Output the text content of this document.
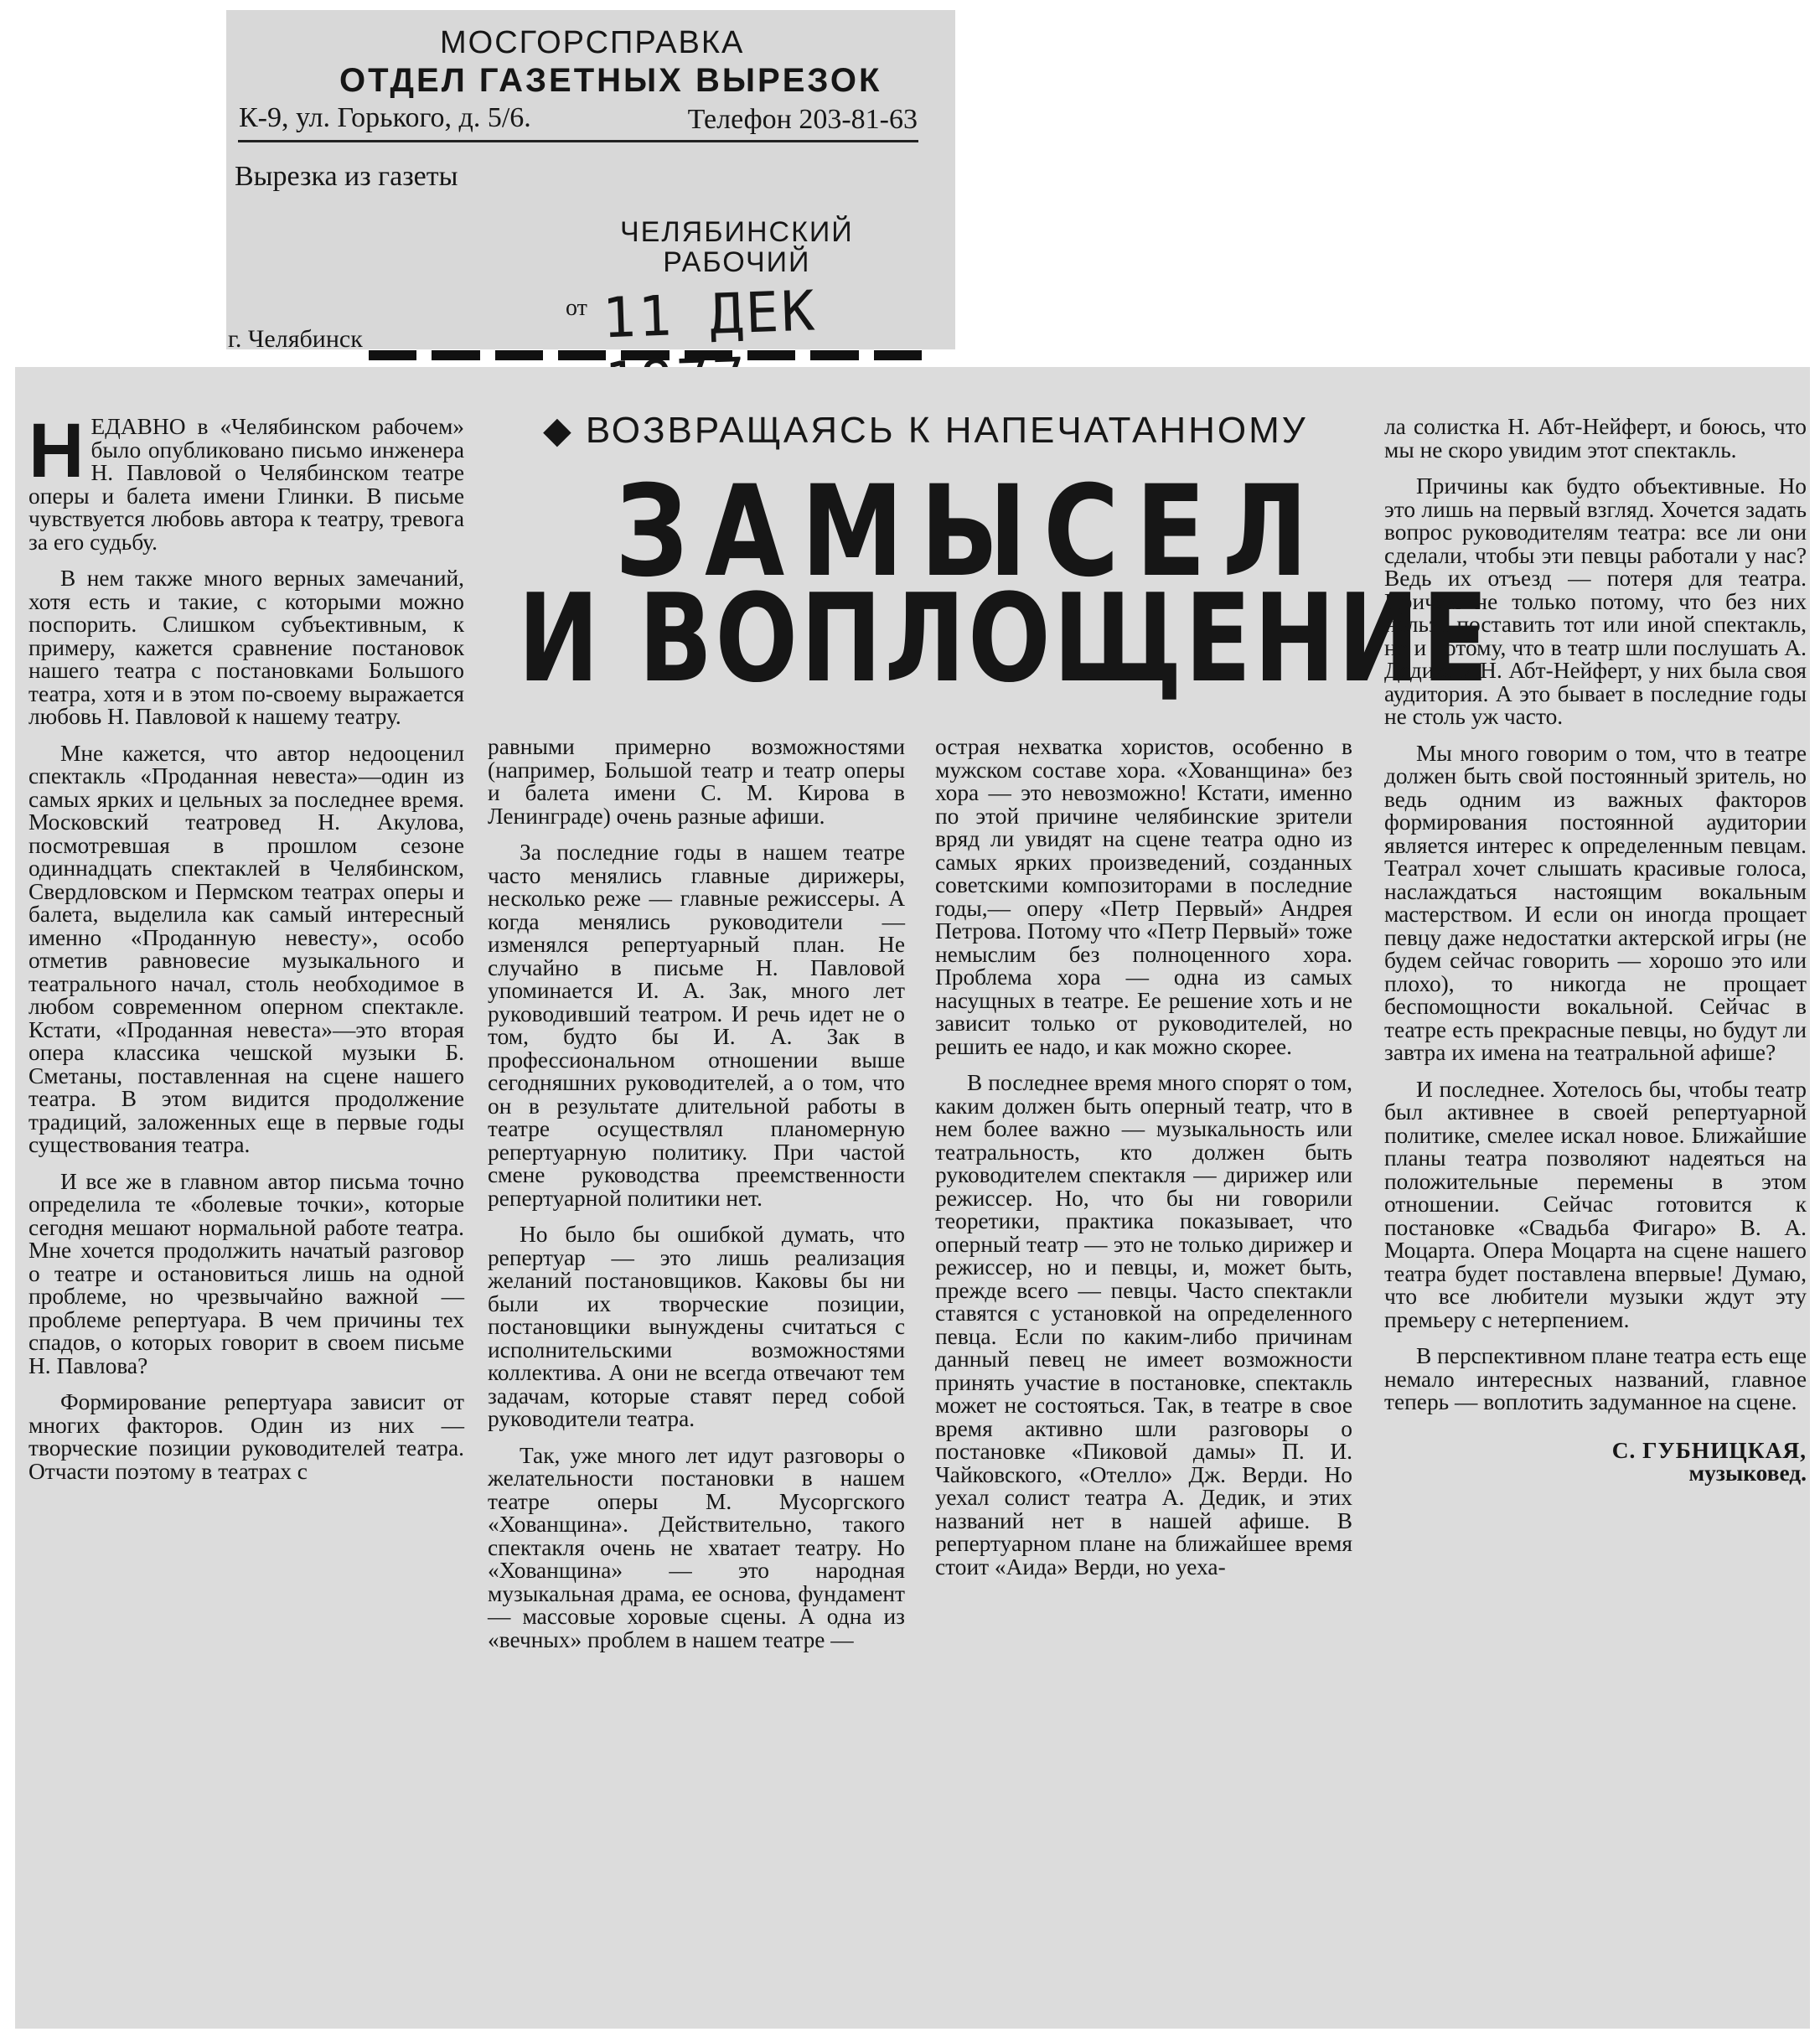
МОСГОРСПРАВКА
ОТДЕЛ ГАЗЕТНЫХ ВЫРЕЗОК
К-9, ул. Горького, д. 5/6.	Телефон 203-81-63
Вырезка из газеты
ЧЕЛЯБИНСКИЙ
РАБОЧИЙ
от 11 ДЕК
г. Челябинск
◆ ВОЗВРАЩАЯСЬ К НАПЕЧАТАННОМУ
ЗАМЫСЕЛ
И ВОПЛОЩЕНИЕ

НЕДАВНО в «Челябинском рабочем» было опубликовано письмо инженера Н. Павловой о Челябинском театре оперы и балета имени Глинки. В письме чувствуется любовь автора к театру, тревога за его судьбу.

В нем также много верных замечаний, хотя есть и такие, с которыми можно поспорить. Слишком субъективным, к примеру, кажется сравнение постановок нашего театра с постановками Большого театра, хотя и в этом по-своему выражается любовь Н. Павловой к нашему театру.

Мне кажется, что автор недооценил спектакль «Проданная невеста»—один из самых ярких и цельных за последнее время. Московский театровед Н. Акулова, посмотревшая в прошлом сезоне одиннадцать спектаклей в Челябинском, Свердловском и Пермском театрах оперы и балета, выделила как самый интересный именно «Проданную невесту», особо отметив равновесие музыкального и театрального начал, столь необходимое в любом современном оперном спектакле. Кстати, «Проданная невеста»—это вторая опера классика чешской музыки Б. Сметаны, поставленная на сцене нашего театра. В этом видится продолжение традиций, заложенных еще в первые годы существования театра.

И все же в главном автор письма точно определила те «болевые точки», которые сегодня мешают нормальной работе театра. Мне хочется продолжить начатый разговор о театре и остановиться лишь на одной проблеме, но чрезвычайно важной — проблеме репертуара. В чем причины тех спадов, о которых говорит в своем письме Н. Павлова?

Формирование репертуара зависит от многих факторов. Один из них — творческие позиции руководителей театра. Отчасти поэтому в театрах с

равными примерно возможностями (например, Большой театр и театр оперы и балета имени С. М. Кирова в Ленинграде) очень разные афиши.

За последние годы в нашем театре часто менялись главные дирижеры, несколько реже — главные режиссеры. А когда менялись руководители — изменялся репертуарный план. Не случайно в письме Н. Павловой упоминается И. А. Зак, много лет руководивший театром. И речь идет не о том, будто бы И. А. Зак в профессиональном отношении выше сегодняшних руководителей, а о том, что он в результате длительной работы в театре осуществлял планомерную репертуарную политику. При частой смене руководства преемственности репертуарной политики нет.

Но было бы ошибкой думать, что репертуар — это лишь реализация желаний постановщиков. Каковы бы ни были их творческие позиции, постановщики вынуждены считаться с исполнительскими возможностями коллектива. А они не всегда отвечают тем задачам, которые ставят перед собой руководители театра.

Так, уже много лет идут разговоры о желательности постановки в нашем театре оперы М. Мусоргского «Хованщина». Действительно, такого спектакля очень не хватает театру. Но «Хованщина» — это народная музыкальная драма, ее основа, фундамент — массовые хоровые сцены. А одна из «вечных» проблем в нашем театре —

острая нехватка хористов, особенно в мужском составе хора. «Хованщина» без хора — это невозможно! Кстати, именно по этой причине челябинские зрители вряд ли увидят на сцене театра одно из самых ярких произведений, созданных советскими композиторами в последние годы,— оперу «Петр Первый» Андрея Петрова. Потому что «Петр Первый» тоже немыслим без полноценного хора. Проблема хора — одна из самых насущных в театре. Ее решение хоть и не зависит только от руководителей, но решить ее надо, и как можно скорее.

В последнее время много спорят о том, каким должен быть оперный театр, что в нем более важно — музыкальность или театральность, кто должен быть руководителем спектакля — дирижер или режиссер. Но, что бы ни говорили теоретики, практика показывает, что оперный театр — это не только дирижер и режиссер, но и певцы, и, может быть, прежде всего — певцы. Часто спектакли ставятся с установкой на определенного певца. Если по каким-либо причинам данный певец не имеет возможности принять участие в постановке, спектакль может не состояться. Так, в театре в свое время активно шли разговоры о постановке «Пиковой дамы» П. И. Чайковского, «Отелло» Дж. Верди. Но уехал солист театра А. Дедик, и этих названий нет в нашей афише. В репертуарном плане на ближайшее время стоит «Аида» Верди, но уеха-

ла солистка Н. Абт-Нейферт, и боюсь, что мы не скоро увидим этот спектакль.

Причины как будто объективные. Но это лишь на первый взгляд. Хочется задать вопрос руководителям театра: все ли они сделали, чтобы эти певцы работали у нас? Ведь их отъезд — потеря для театра. Причем не только потому, что без них нельзя поставить тот или иной спектакль, но и потому, что в театр шли послушать А. Дедика и Н. Абт-Нейферт, у них была своя аудитория. А это бывает в последние годы не столь уж часто.

Мы много говорим о том, что в театре должен быть свой постоянный зритель, но ведь одним из важных факторов формирования постоянной аудитории является интерес к определенным певцам. Театрал хочет слышать красивые голоса, наслаждаться настоящим вокальным мастерством. И если он иногда прощает певцу даже недостатки актерской игры (не будем сейчас говорить — хорошо это или плохо), то никогда не прощает беспомощности вокальной. Сейчас в театре есть прекрасные певцы, но будут ли завтра их имена на театральной афише?

И последнее. Хотелось бы, чтобы театр был активнее в своей репертуарной политике, смелее искал новое. Ближайшие планы театра позволяют надеяться на положительные перемены в этом отношении. Сейчас готовится к постановке «Свадьба Фигаро» В. А. Моцарта. Опера Моцарта на сцене нашего театра будет поставлена впервые! Думаю, что все любители музыки ждут эту премьеру с нетерпением.

В перспективном плане театра есть еще немало интересных названий, главное теперь — воплотить задуманное на сцене.

С. ГУБНИЦКАЯ,
музыковед.
